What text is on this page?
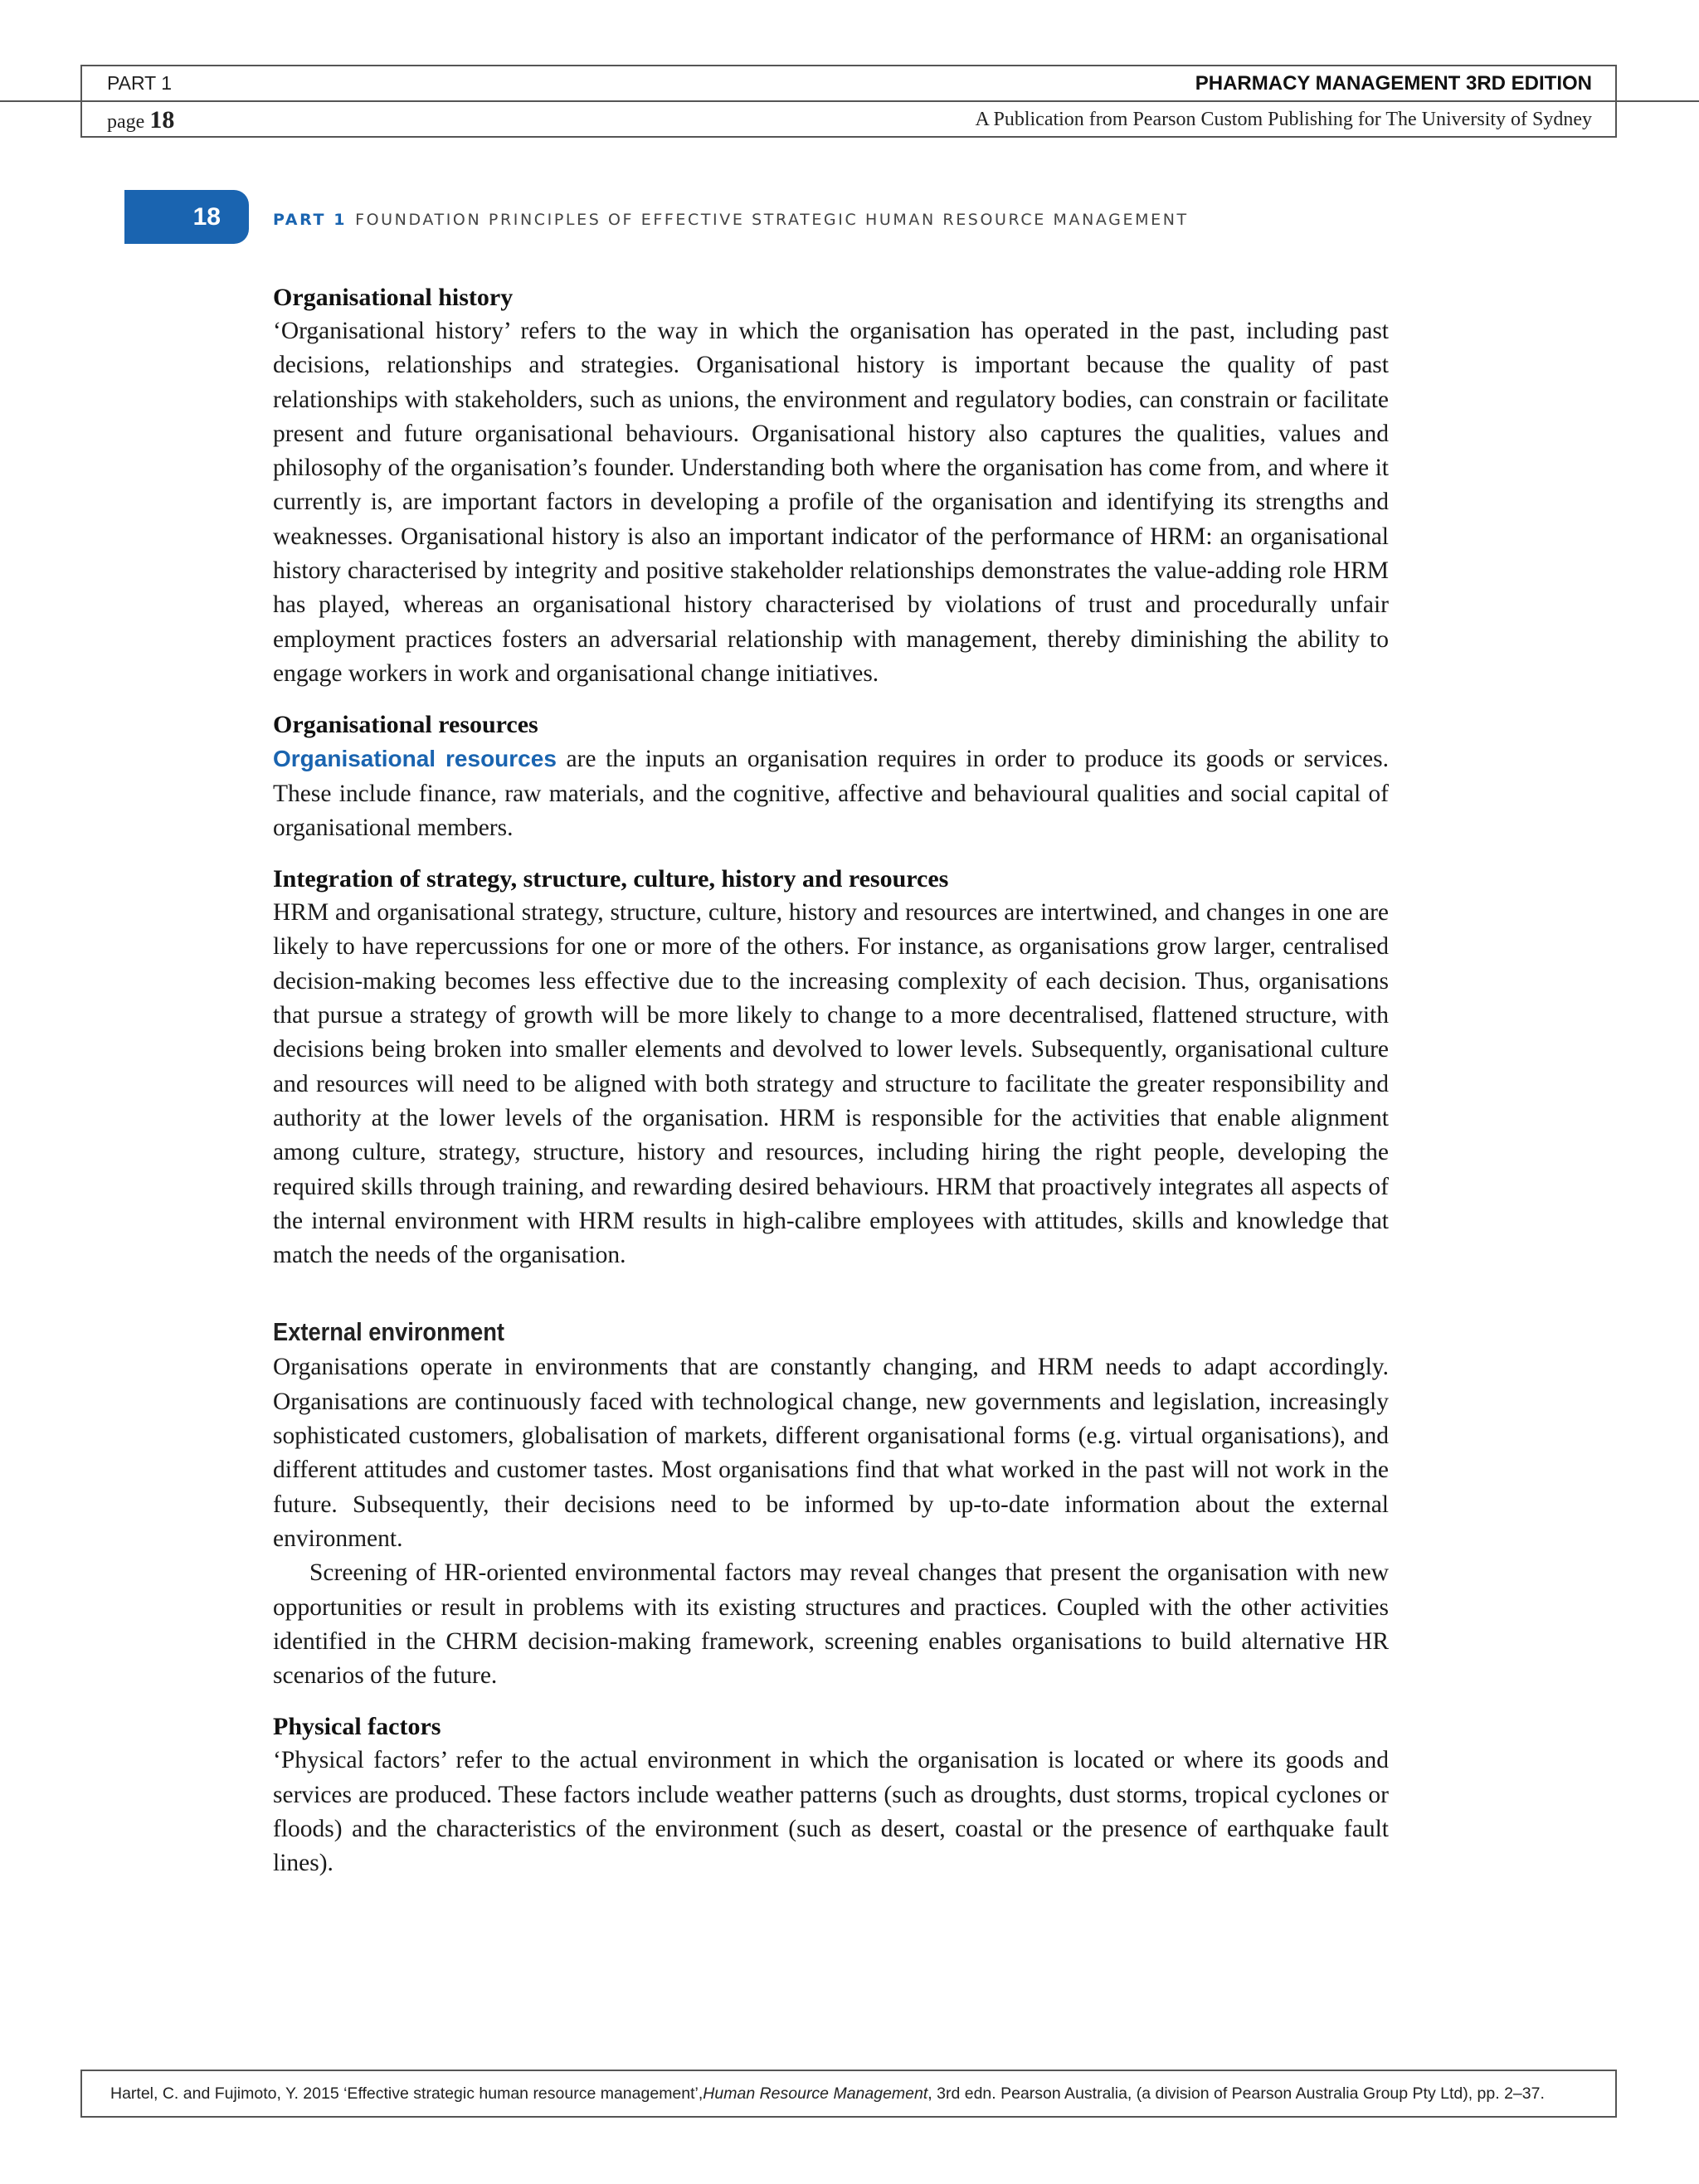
PART 1	PHARMACY MANAGEMENT 3RD EDITION
page 18	A Publication from Pearson Custom Publishing for The University of Sydney
18	PART 1 FOUNDATION PRINCIPLES OF EFFECTIVE STRATEGIC HUMAN RESOURCE MANAGEMENT
Organisational history

‘Organisational history’ refers to the way in which the organisation has operated in the past, including past decisions, relationships and strategies. Organisational history is important because the quality of past relationships with stakeholders, such as unions, the environment and regulatory bodies, can constrain or facilitate present and future organisational behaviours. Organisational history also captures the qualities, values and philosophy of the organisation’s founder. Understanding both where the organisation has come from, and where it currently is, are important factors in developing a profile of the organisation and identifying its strengths and weaknesses. Organisational history is also an important indicator of the performance of HRM: an organisational history characterised by integrity and positive stakeholder relationships demonstrates the value-adding role HRM has played, whereas an organisational history characterised by violations of trust and procedurally unfair employment practices fosters an adversarial relationship with management, thereby diminishing the ability to engage workers in work and organisational change initiatives.

Organisational resources

Organisational resources are the inputs an organisation requires in order to produce its goods or services. These include finance, raw materials, and the cognitive, affective and behavioural qualities and social capital of organisational members.

Integration of strategy, structure, culture, history and resources

HRM and organisational strategy, structure, culture, history and resources are intertwined, and changes in one are likely to have repercussions for one or more of the others. For instance, as organisations grow larger, centralised decision-making becomes less effective due to the increasing complexity of each decision. Thus, organisations that pursue a strategy of growth will be more likely to change to a more decentralised, flattened structure, with decisions being broken into smaller elements and devolved to lower levels. Subsequently, organisational culture and resources will need to be aligned with both strategy and structure to facilitate the greater responsibility and authority at the lower levels of the organisation. HRM is responsible for the activities that enable alignment among culture, strategy, structure, history and resources, including hiring the right people, developing the required skills through training, and rewarding desired behaviours. HRM that proactively integrates all aspects of the internal environment with HRM results in high-calibre employees with attitudes, skills and knowledge that match the needs of the organisation.

External environment

Organisations operate in environments that are constantly changing, and HRM needs to adapt accordingly. Organisations are continuously faced with technological change, new governments and legislation, increasingly sophisticated customers, globalisation of markets, different organisational forms (e.g. virtual organisations), and different attitudes and customer tastes. Most organisations find that what worked in the past will not work in the future. Subsequently, their decisions need to be informed by up-to-date information about the external environment.

Screening of HR-oriented environmental factors may reveal changes that present the organisation with new opportunities or result in problems with its existing structures and practices. Coupled with the other activities identified in the CHRM decision-making framework, screening enables organisations to build alternative HR scenarios of the future.

Physical factors

‘Physical factors’ refer to the actual environment in which the organisation is located or where its goods and services are produced. These factors include weather patterns (such as droughts, dust storms, tropical cyclones or floods) and the characteristics of the environment (such as desert, coastal or the presence of earthquake fault lines).

Hartel, C. and Fujimoto, Y. 2015 ‘Effective strategic human resource management’, Human Resource Management , 3rd edn. Pearson Australia, (a division of Pearson Australia Group Pty Ltd), pp. 2–37.
